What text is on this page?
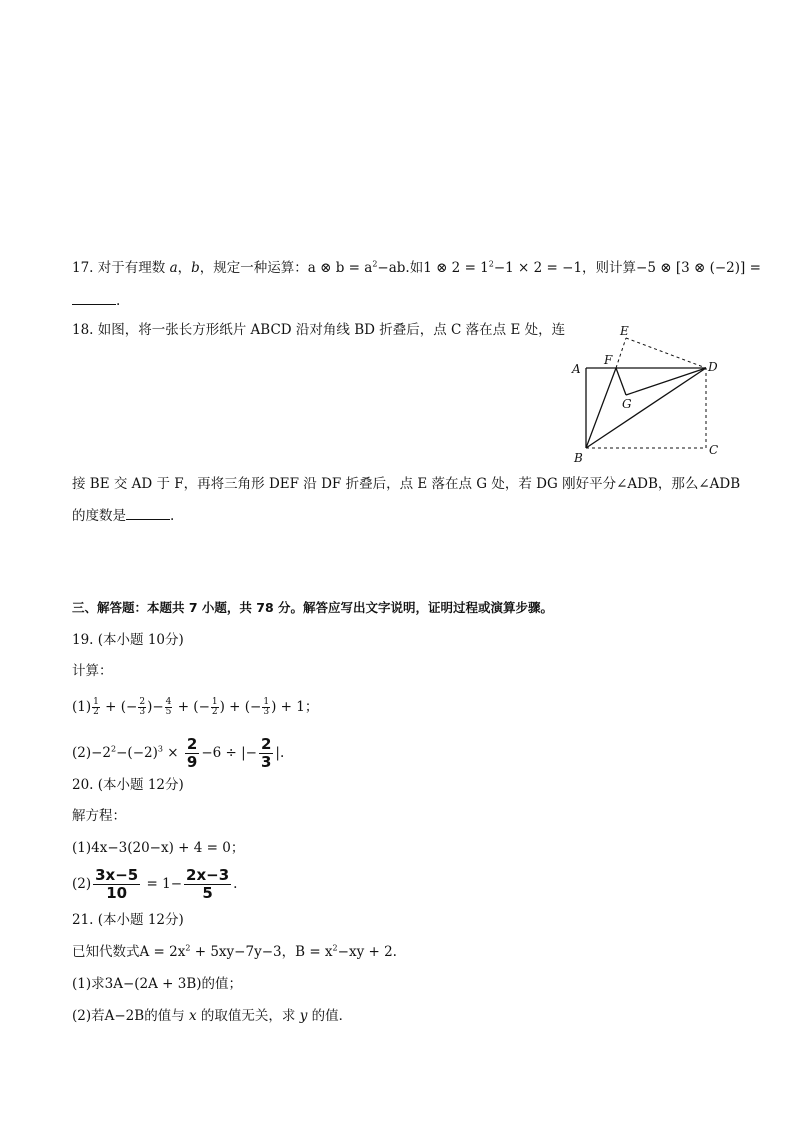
17. 对于有理数 a，b，规定一种运算：a ⊗ $b = a^2-ab$.如1 ⊗ $2 = 1^2-1 \times 2 = -1$，则计算−5 ⊗ [3 ⊗ (−2)] =
.
18. 如图，将一张长方形纸片 ABCD 沿对角线 BD 折叠后，点 C 落在点 E 处，连	E
F
A	D
G
B
C
接 BE 交 AD 于 F，再将三角形 DEF 沿 DF 折叠后，点 E 落在点 G 处，若 DG 刚好平分∠ADB，那么∠ADB
的度数是	.
三、解答题：本题共 7 小题，共 78 分。解答应写出文字说明，证明过程或演算步骤。
19. (本小题 10分)
计算：
$(1) \frac{1}{2}$ + (− $\frac{2}{3}$ )− $\frac{4}{5}$ + (− $\frac{1}{2}$ ) + (− $\frac{1}{3}$ ) + 1；
$(2)-2^2-(-2)^3 \times \frac{2}{9} -6$ ÷ |− $\frac{2}{3}$ |.
20. (本小题 12分)
解方程：
(1)4x−3(20−x) + 4 = 0；
$(2) \frac{3x-5}{10} = 1- \frac{2x-3}{5}$ .
21. (本小题 12分)
已知代数式$A = 2x^2 + 5xy-7y-3$，$B = x^2-xy + 2$.
(1)求3A−(2A + 3B)的值；
(2)若A−2B的值与 x 的取值无关，求 y 的值．
